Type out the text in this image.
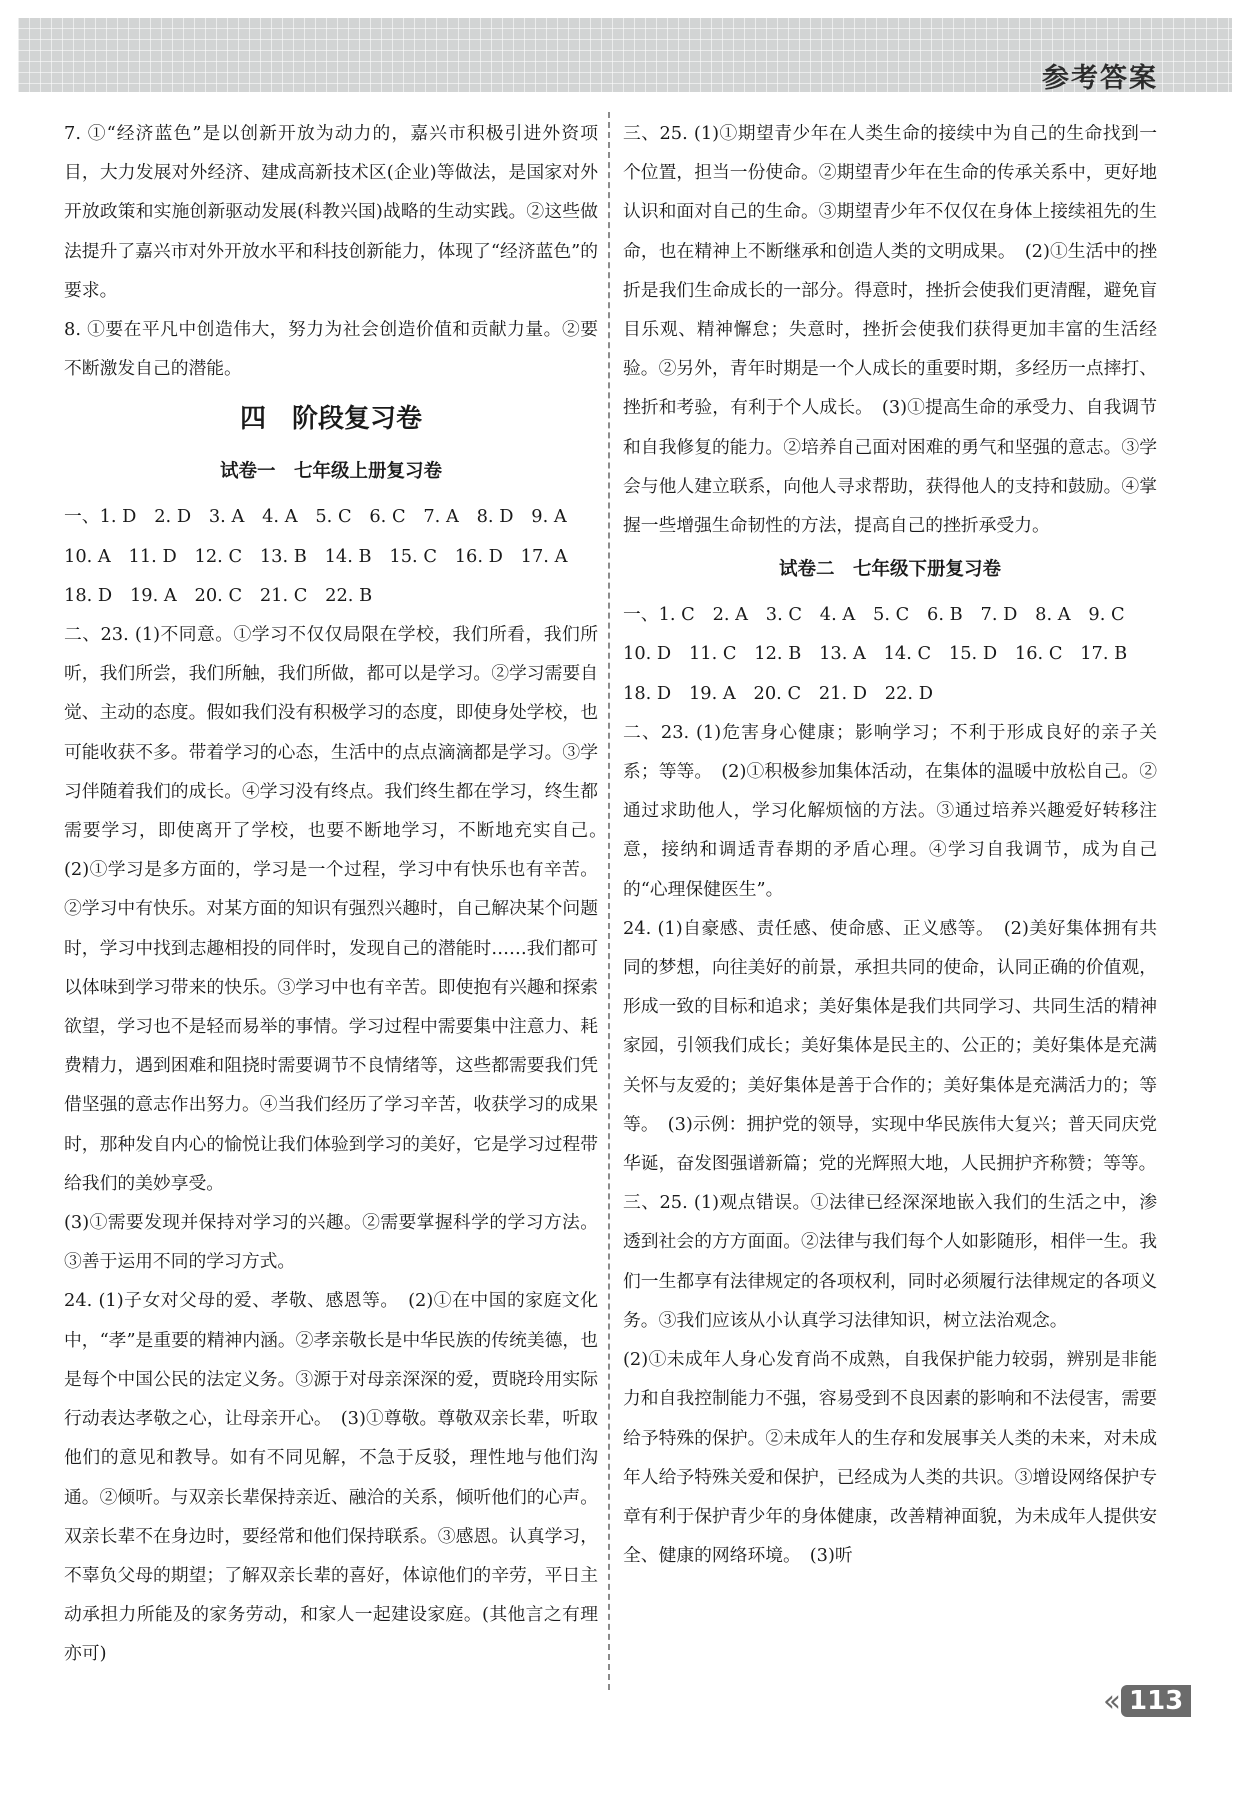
参考答案

7. ①“经济蓝色”是以创新开放为动力的，嘉兴市积极引进外资项目，大力发展对外经济、建成高新技术区(企业)等做法，是国家对外开放政策和实施创新驱动发展(科教兴国)战略的生动实践。②这些做法提升了嘉兴市对外开放水平和科技创新能力，体现了“经济蓝色”的要求。

8. ①要在平凡中创造伟大，努力为社会创造价值和贡献力量。②要不断激发自己的潜能。

四　阶段复习卷
试卷一　七年级上册复习卷

一、1. D　2. D　3. A　4. A　5. C　6. C　7. A　8. D　9. A

10. A　11. D　12. C　13. B　14. B　15. C　16. D　17. A

18. D　19. A　20. C　21. C　22. B

二、23. (1)不同意。①学习不仅仅局限在学校，我们所看，我们所听，我们所尝，我们所触，我们所做，都可以是学习。②学习需要自觉、主动的态度。假如我们没有积极学习的态度，即使身处学校，也可能收获不多。带着学习的心态，生活中的点点滴滴都是学习。③学习伴随着我们的成长。④学习没有终点。我们终生都在学习，终生都需要学习，即使离开了学校，也要不断地学习，不断地充实自己。　(2)①学习是多方面的，学习是一个过程，学习中有快乐也有辛苦。②学习中有快乐。对某方面的知识有强烈兴趣时，自己解决某个问题时，学习中找到志趣相投的同伴时，发现自己的潜能时……我们都可以体味到学习带来的快乐。③学习中也有辛苦。即使抱有兴趣和探索欲望，学习也不是轻而易举的事情。学习过程中需要集中注意力、耗费精力，遇到困难和阻挠时需要调节不良情绪等，这些都需要我们凭借坚强的意志作出努力。④当我们经历了学习辛苦，收获学习的成果时，那种发自内心的愉悦让我们体验到学习的美好，它是学习过程带给我们的美妙享受。

(3)①需要发现并保持对学习的兴趣。②需要掌握科学的学习方法。③善于运用不同的学习方式。

24. (1)子女对父母的爱、孝敬、感恩等。　(2)①在中国的家庭文化中，“孝”是重要的精神内涵。②孝亲敬长是中华民族的传统美德，也是每个中国公民的法定义务。③源于对母亲深深的爱，贾晓玲用实际行动表达孝敬之心，让母亲开心。　(3)①尊敬。尊敬双亲长辈，听取他们的意见和教导。如有不同见解，不急于反驳，理性地与他们沟通。②倾听。与双亲长辈保持亲近、融洽的关系，倾听他们的心声。双亲长辈不在身边时，要经常和他们保持联系。③感恩。认真学习，不辜负父母的期望；了解双亲长辈的喜好，体谅他们的辛劳，平日主动承担力所能及的家务劳动，和家人一起建设家庭。(其他言之有理亦可)

三、25. (1)①期望青少年在人类生命的接续中为自己的生命找到一个位置，担当一份使命。②期望青少年在生命的传承关系中，更好地认识和面对自己的生命。③期望青少年不仅仅在身体上接续祖先的生命，也在精神上不断继承和创造人类的文明成果。　(2)①生活中的挫折是我们生命成长的一部分。得意时，挫折会使我们更清醒，避免盲目乐观、精神懈怠；失意时，挫折会使我们获得更加丰富的生活经验。②另外，青年时期是一个人成长的重要时期，多经历一点摔打、挫折和考验，有利于个人成长。　(3)①提高生命的承受力、自我调节和自我修复的能力。②培养自己面对困难的勇气和坚强的意志。③学会与他人建立联系，向他人寻求帮助，获得他人的支持和鼓励。④掌握一些增强生命韧性的方法，提高自己的挫折承受力。

试卷二　七年级下册复习卷

一、1. C　2. A　3. C　4. A　5. C　6. B　7. D　8. A　9. C

10. D　11. C　12. B　13. A　14. C　15. D　16. C　17. B

18. D　19. A　20. C　21. D　22. D

二、23. (1)危害身心健康；影响学习；不利于形成良好的亲子关系；等等。　(2)①积极参加集体活动，在集体的温暖中放松自己。②通过求助他人，学习化解烦恼的方法。③通过培养兴趣爱好转移注意，接纳和调适青春期的矛盾心理。④学习自我调节，成为自己的“心理保健医生”。

24. (1)自豪感、责任感、使命感、正义感等。　(2)美好集体拥有共同的梦想，向往美好的前景，承担共同的使命，认同正确的价值观，形成一致的目标和追求；美好集体是我们共同学习、共同生活的精神家园，引领我们成长；美好集体是民主的、公正的；美好集体是充满关怀与友爱的；美好集体是善于合作的；美好集体是充满活力的；等等。　(3)示例：拥护党的领导，实现中华民族伟大复兴；普天同庆党华诞，奋发图强谱新篇；党的光辉照大地，人民拥护齐称赞；等等。

三、25. (1)观点错误。①法律已经深深地嵌入我们的生活之中，渗透到社会的方方面面。②法律与我们每个人如影随形，相伴一生。我们一生都享有法律规定的各项权利，同时必须履行法律规定的各项义务。③我们应该从小认真学习法律知识，树立法治观念。

(2)①未成年人身心发育尚不成熟，自我保护能力较弱，辨别是非能力和自我控制能力不强，容易受到不良因素的影响和不法侵害，需要给予特殊的保护。②未成年人的生存和发展事关人类的未来，对未成年人给予特殊关爱和保护，已经成为人类的共识。③增设网络保护专章有利于保护青少年的身体健康，改善精神面貌，为未成年人提供安全、健康的网络环境。　(3)听

‹‹ 113
